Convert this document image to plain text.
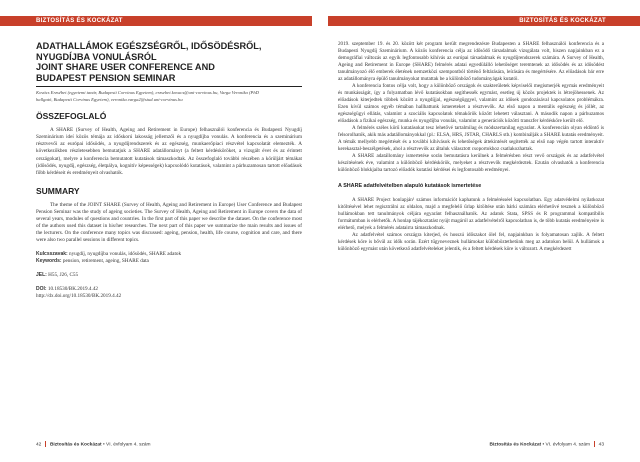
BIZTOSÍTÁS ÉS KOCKÁZAT	BIZTOSÍTÁS ÉS KOCKÁZAT
ADATHALLÁMOK EGÉSZSÉGRŐL, IDŐSÖDÉSRŐL,
NYUGDÍJBA VONULÁSRÓL
JOINT SHARE USER CONFERENCE AND
BUDAPEST PENSION SEMINAR
Kovács Erzsébet (egyetemi tanár, Budapesti Corvinus Egyetem), erzsebet.kovacs@uni-corvinus.hu, Varga Veronika (PhD
hallgató, Budapesti Corvinus Egyetem), veronika.varga2@stud.uni-corvinus.hu
ÖSSZEFOGLALÓ
A SHARE (Survey of Health, Ageing and Retirement in Europe) felhasználói konferencia és Budapesti Nyugdíj Szeminárium ideí közös témája az időskorú lakosság jellemzői és a nyugdíjba vonulás. A konferencia és a szeminárium résztvevői az európai idősödés, a nyugdíjrendszerek és az egészség, munkaerőpiaci részvétel kapcsolatát elemezték. A következőkben részletesebben bemutatjuk a SHARE adatállományt (a feltett kérdésköröket, a vizsgált évet és az érintett országokat), melyre a konferencia bemutatott kutatások támaszkodtak. Az összefoglaló további részében a körüljárt témákat (idősödés, nyugdíj, egészség, életpálya, kognitív képességek) kapcsolódó kutatások, valamint a párhuzamosan tartott előadások főbb kérdéseit és eredményeit olvashatók.
SUMMARY
The theme of the JOINT SHARE (Survey of Health, Ageing and Retirement in Europe) User Conference and Budapest Pension Seminar was the study of ageing societies. The Survey of Health, Ageing and Retirement in Europe covers the data of several years, modules of questions and countries. In the first part of this paper we describe the dataset. On the conference most of the authors used this dataset in his/her researches. The next part of this paper we summarize the main results and issues of the lecturers. On the conference many topics was discussed: ageing, pension, health, life course, cognition and care, and there were also two parallel sessions in different topics.
Kulcsszavak: nyugdíj, nyugdíjba vonulás, idősödés, SHARE adatok
Keywords: pension, retirement, ageing, SHARE data
JEL: H55, J26, C55
DOI: 10.18530/BK.2019.4.42
http://dx.doi.org/10.18530/BK.2019.4.42
2019. szeptember 19. és 20. között két program került megrendezésre Budapesten a SHARE felhasználói konferencia és a Budapesti Nyugdíj Szeminárium. A közös konferencia célja az idősödő társadalmak vizsgálata volt, hiszen napjainkban ez a demográfiai változás az egyik legfontosabb kihívás az európai társadalmak és nyugdíjrendszerek számára. A Survey of Health, Ageing and Retirement in Europe (SHARE) felmérés adatai egyedülálló lehetőséget teremtenek az idősödés és az idősödést tanulmányozó élő emberek életének nemzetközi szempontból történő feltárására, leírására és megértésére. Az előadások bár erre az adatállományra épülő tanulmányokat mutattak be a különböző tudományágak kutatói.
A konferencia fontos célja volt, hogy a különböző országok és szakterületek képviselői megismerjék egymás eredményeit és munkásságát, így a folyamatban lévő kutatásokban segíthessék egymást, esetleg új közös projektek is létrejöhessenek. Az előadások kiterjedtek többek között a nyugdíjjal, egészségüggyel, valamint az idősek gondozásával kapcsolatos problémákra. Ezen kívül számos egyéb témában hallhattunk ismereteket a résztvevők. Az első napon a mentális egészség és jóllét, az egészségügyi ellátás, valamint a szociális kapcsolatok témakörök között lehetett választani. A második napon a párhuzamos előadások a fizikai egészség, munka és nyugdíjba vonulás, valamint a generációk közötti transzfer kérdésköre került elő.
A felmérés széles körű kutatásokat tesz lehetővé tartalmilag és módszertanilag egyaránt. A konferencián olyan eldöntő is felsorolhatók, akik más adatállományokkal (pl.: ELSA, HRS, JSTAR, CHARLS stb.) kombinálják a SHARE kutatás eredményeit. A témák mellyebb megértését és a további kihívások és lehetőségek áttekintését segítették az első nap végén tartott interaktív kerekasztal-beszélgetések, ahol a résztvevők az általuk választott csoportokhoz csatlakozhattak.
A SHARE adatállomány ismertetése során bemutatásra kerülnek a felmérésben részt vevő országok és az adatfelvétel készítésének éve, valamint a különböző kérdéskörök, melyeket a résztvevők megkérdeztek. Ezután olvashatók a konferencia különböző blokkjaiba tartozó előadók kutatási kérdései és legfontosabb eredményei.
A SHARE adatfelvételben alapuló kutatások ismertetése
A SHARE Project honlapján¹ számos információt kaphatunk a felmérésséel kapcsolatban. Egy adatvédelmi nyilatkozat kitöltésével lehet regisztrálni az oldalon, majd a megfelelő űrlap kitöltése után bárki számára elérhetővé tesznek a különböző hullámokban tett tanulmányok céljára egyaránt felhasználhatók. Az adatok Stata, SPSS és R programmal kompatibilis formátumban is elérhetők. A honlap tájékoztatást nyújt magáról az adatfelvételről kapcsolatban is, de több kutatás eredményeire is elérhető, melyek a felmérés adatairra támaszkodnak.
Az adatfelvétel számos országra kiterjed, és hosszú időszakot ölel fel, napjainkban is folyamatosan zajlik. A feltett kérdések köre is bővül az idők során. Ezért tűgyneveznek hullámokat különböztethetünk meg az adatokon belül. A hullámok a különböző egymást után következő adatfelvételeket jelentik, és a feltett kérdések köre is változott. A megkérdezett
42 Biztosítás és Kockázat • VI. évfolyam 4. szám	Biztosítás és Kockázat • VI. évfolyam 4. szám 43
